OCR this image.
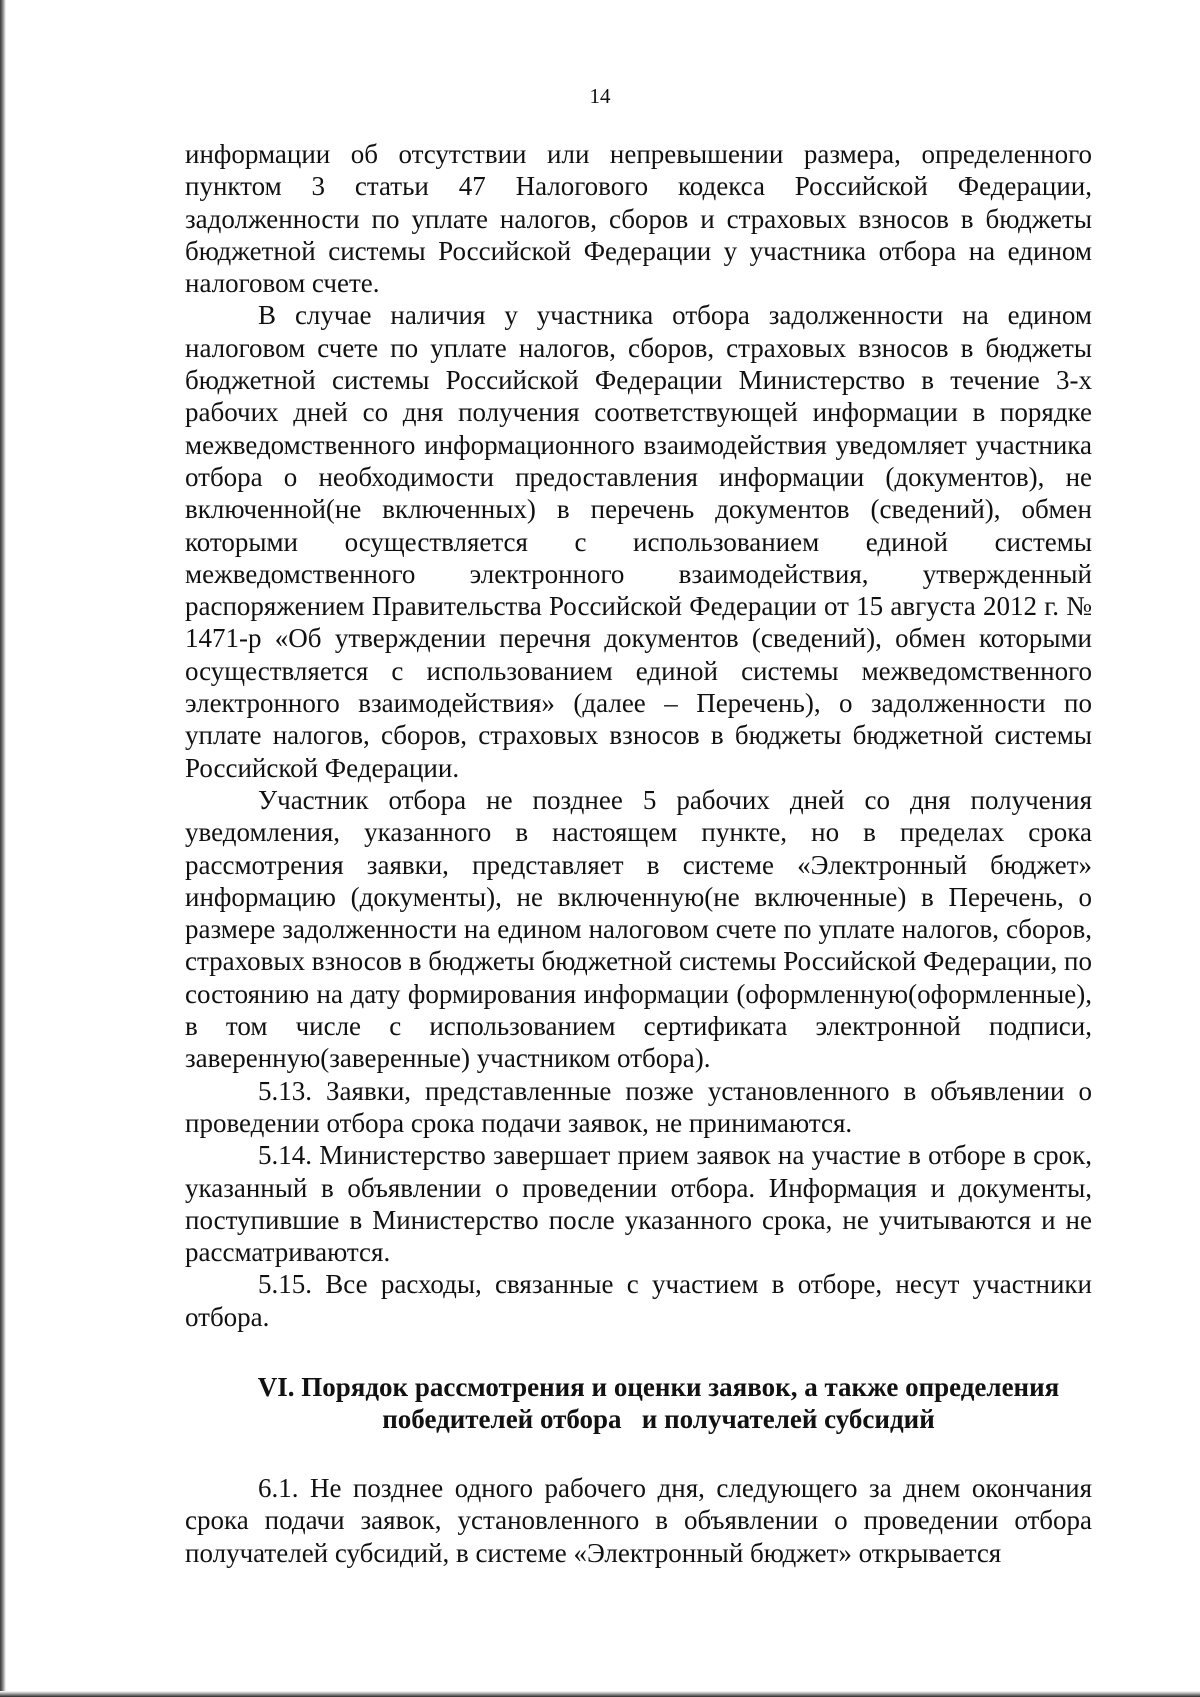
14

информации об отсутствии или непревышении размера, определенного пунктом 3 статьи 47 Налогового кодекса Российской Федерации, задолженности по уплате налогов, сборов и страховых взносов в бюджеты бюджетной системы Российской Федерации у участника отбора на едином налоговом счете.

В случае наличия у участника отбора задолженности на едином налоговом счете по уплате налогов, сборов, страховых взносов в бюджеты бюджетной системы Российской Федерации Министерство в течение 3-х рабочих дней со дня получения соответствующей информации в порядке межведомственного информационного взаимодействия уведомляет участника отбора о необходимости предоставления информации (документов), не включенной(не включенных) в перечень документов (сведений), обмен которыми осуществляется с использованием единой системы межведомственного электронного взаимодействия, утвержденный распоряжением Правительства Российской Федерации от 15 августа 2012 г. № 1471-р «Об утверждении перечня документов (сведений), обмен которыми осуществляется с использованием единой системы межведомственного электронного взаимодействия» (далее – Перечень), о задолженности по уплате налогов, сборов, страховых взносов в бюджеты бюджетной системы Российской Федерации.

Участник отбора не позднее 5 рабочих дней со дня получения уведомления, указанного в настоящем пункте, но в пределах срока рассмотрения заявки, представляет в системе «Электронный бюджет» информацию (документы), не включенную(не включенные) в Перечень, о размере задолженности на едином налоговом счете по уплате налогов, сборов, страховых взносов в бюджеты бюджетной системы Российской Федерации, по состоянию на дату формирования информации (оформленную(оформленные), в том числе с использованием сертификата электронной подписи, заверенную(заверенные) участником отбора).

5.13. Заявки, представленные позже установленного в объявлении о проведении отбора срока подачи заявок, не принимаются.

5.14. Министерство завершает прием заявок на участие в отборе в срок, указанный в объявлении о проведении отбора. Информация и документы, поступившие в Министерство после указанного срока, не учитываются и не рассматриваются.

5.15. Все расходы, связанные с участием в отборе, несут участники отбора.

VI. Порядок рассмотрения и оценки заявок, а также определения
победителей отбора   и получателей субсидий

6.1. Не позднее одного рабочего дня, следующего за днем окончания срока подачи заявок, установленного в объявлении о проведении отбора получателей субсидий, в системе «Электронный бюджет» открывается
